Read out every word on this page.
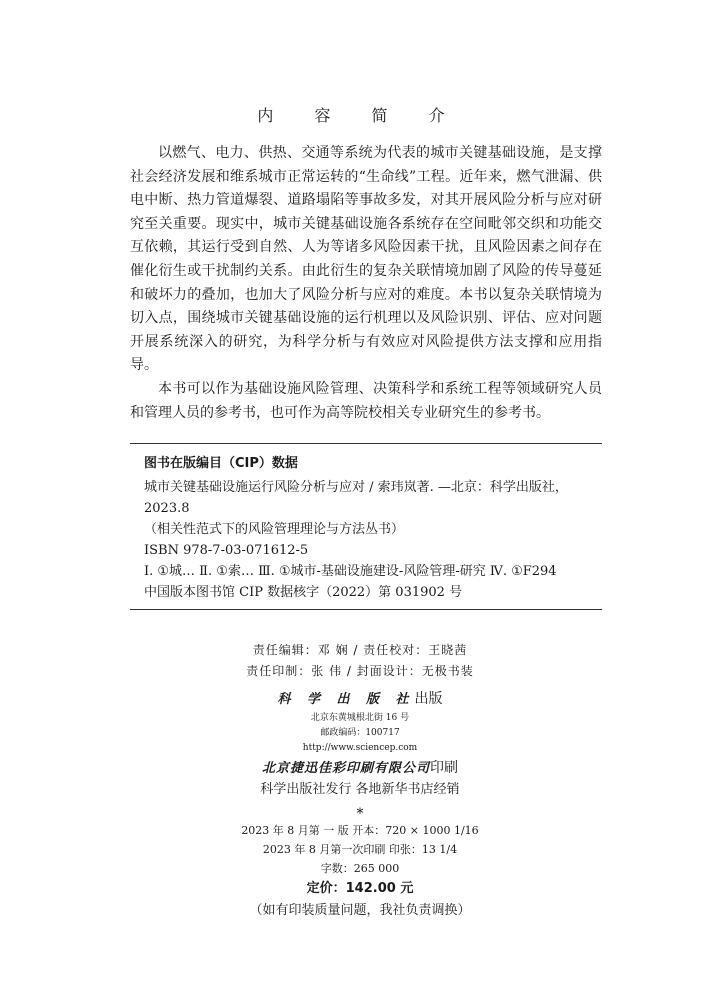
内 容 简 介

以燃气、电力、供热、交通等系统为代表的城市关键基础设施，是支撑社会经济发展和维系城市正常运转的“生命线”工程。近年来，燃气泄漏、供电中断、热力管道爆裂、道路塌陷等事故多发，对其开展风险分析与应对研究至关重要。现实中，城市关键基础设施各系统存在空间毗邻交织和功能交互依赖，其运行受到自然、人为等诸多风险因素干扰，且风险因素之间存在催化衍生或干扰制约关系。由此衍生的复杂关联情境加剧了风险的传导蔓延和破坏力的叠加，也加大了风险分析与应对的难度。本书以复杂关联情境为切入点，围绕城市关键基础设施的运行机理以及风险识别、评估、应对问题开展系统深入的研究，为科学分析与有效应对风险提供方法支撑和应用指导。

本书可以作为基础设施风险管理、决策科学和系统工程等领域研究人员和管理人员的参考书，也可作为高等院校相关专业研究生的参考书。

图书在版编目（CIP）数据
城市关键基础设施运行风险分析与应对 / 索玮岚著. —北京：科学出版社，2023.8
（相关性范式下的风险管理理论与方法丛书）
ISBN 978-7-03-071612-5
Ⅰ. ①城… Ⅱ. ①索… Ⅲ. ①城市-基础设施建设-风险管理-研究 Ⅳ. ①F294
中国版本图书馆 CIP 数据核字（2022）第 031902 号
责任编辑：邓 娴 / 责任校对：王晓茜
责任印制：张 伟 / 封面设计：无极书装
科 学 出 版 社出版
北京东黄城根北街 16 号
邮政编码：100717
http://www.sciencep.com
北京捷迅佳彩印刷有限公司印刷
科学出版社发行 各地新华书店经销
*
2023 年 8 月第 一 版 开本：720 × 1000 1/16
2023 年 8 月第一次印刷 印张：13 1/4
字数：265 000
定价：142.00 元
（如有印装质量问题，我社负责调换）
